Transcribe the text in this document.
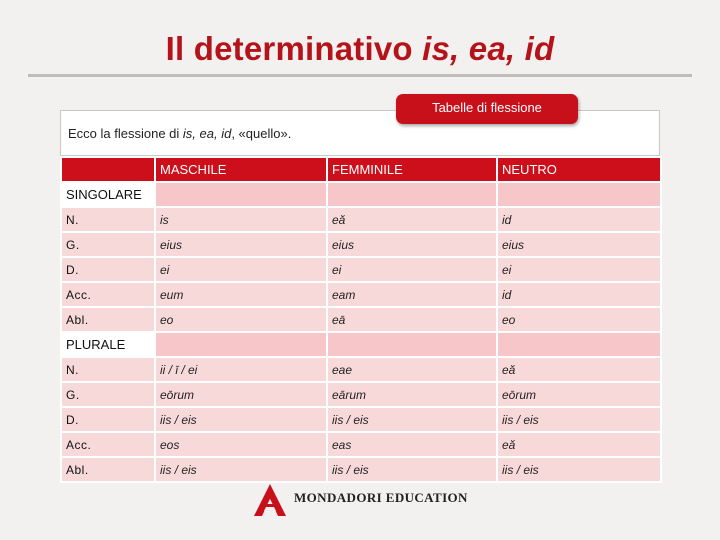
Il determinativo is, ea, id
Ecco la flessione di is, ea, id, «quello».
Tabelle di flessione
	MASCHILE	FEMMINILE	NEUTRO
SINGOLARE			
N.	is	eă	id
G.	eius	eius	eius
D.	ei	ei	ei
Acc.	eum	eam	id
Abl.	eo	eā	eo
PLURALE			
N.	ii / ī / ei	eae	eă
G.	eōrum	eārum	eōrum
D.	iis / eis	iis / eis	iis / eis
Acc.	eos	eas	eă
Abl.	iis / eis	iis / eis	iis / eis
MONDADORI EDUCATION
